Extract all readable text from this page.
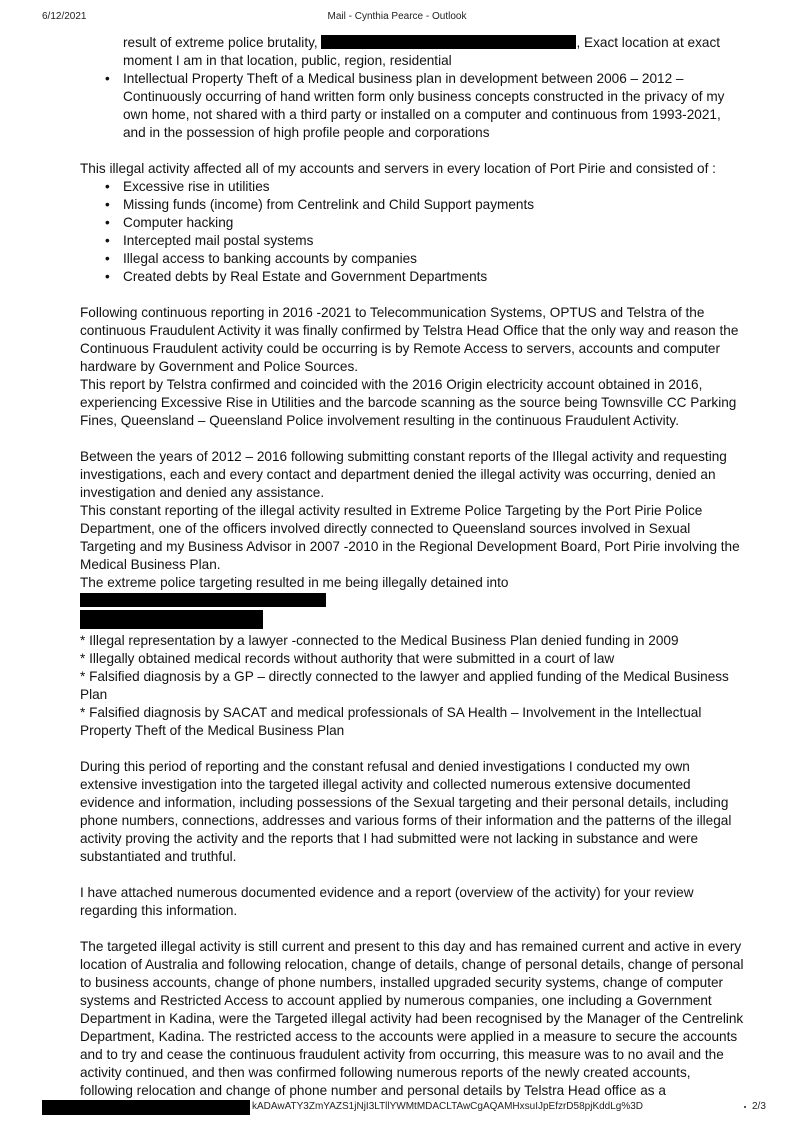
6/12/2021	Mail - Cynthia Pearce - Outlook

result of extreme police brutality,	, Exact location at exact

moment I am in that location, public, region, residential

• Intellectual Property Theft of a Medical business plan in development between 2006 – 2012 – Continuously occurring of hand written form only business concepts constructed in the privacy of my own home, not shared with a third party or installed on a computer and continuous from 1993-2021, and in the possession of high profile people and corporations

This illegal activity affected all of my accounts and servers in every location of Port Pirie and consisted of :

• Excessive rise in utilities
• Missing funds (income) from Centrelink and Child Support payments
• Computer hacking
• Intercepted mail postal systems
• Illegal access to banking accounts by companies
• Created debts by Real Estate and Government Departments

Following continuous reporting in 2016 -2021 to Telecommunication Systems, OPTUS and Telstra of the continuous Fraudulent Activity it was finally confirmed by Telstra Head Office that the only way and reason the Continuous Fraudulent activity could be occurring is by Remote Access to servers, accounts and computer hardware by Government and Police Sources.

This report by Telstra confirmed and coincided with the 2016 Origin electricity account obtained in 2016, experiencing Excessive Rise in Utilities and the barcode scanning as the source being Townsville CC Parking Fines, Queensland – Queensland Police involvement resulting in the continuous Fraudulent Activity.

Between the years of 2012 – 2016 following submitting constant reports of the Illegal activity and requesting investigations, each and every contact and department denied the illegal activity was occurring, denied an investigation and denied any assistance.

This constant reporting of the illegal activity resulted in Extreme Police Targeting by the Port Pirie Police Department, one of the officers involved directly connected to Queensland sources involved in Sexual Targeting and my Business Advisor in 2007 -2010 in the Regional Development Board, Port Pirie involving the Medical Business Plan.

The extreme police targeting resulted in me being illegally detained into

* Illegal representation by a lawyer -connected to the Medical Business Plan denied funding in 2009

* Illegally obtained medical records without authority that were submitted in a court of law

* Falsified diagnosis by a GP – directly connected to the lawyer and applied funding of the Medical Business Plan

* Falsified diagnosis by SACAT and medical professionals of SA Health – Involvement in the Intellectual Property Theft of the Medical Business Plan

During this period of reporting and the constant refusal and denied investigations I conducted my own extensive investigation into the targeted illegal activity and collected numerous extensive documented evidence and information, including possessions of the Sexual targeting and their personal details, including phone numbers, connections, addresses and various forms of their information and the patterns of the illegal activity proving the activity and the reports that I had submitted were not lacking in substance and were substantiated and truthful.

I have attached numerous documented evidence and a report (overview of the activity) for your review regarding this information.

The targeted illegal activity is still current and present to this day and has remained current and active in every location of Australia and following relocation, change of details, change of personal details, change of personal to business accounts, change of phone numbers, installed upgraded security systems, change of computer systems and Restricted Access to account applied by numerous companies, one including a Government Department in Kadina, were the Targeted illegal activity had been recognised by the Manager of the Centrelink Department, Kadina. The restricted access to the accounts were applied in a measure to secure the accounts and to try and cease the continuous fraudulent activity from occurring, this measure was to no avail and the activity continued, and then was confirmed following numerous reports of the newly created accounts, following relocation and change of phone number and personal details by Telstra Head office as a

kADAwATY3ZmYAZS1jNjI3LTllYWMtMDACLTAwCgAQAMHxsuIJpEfzrD58pjKddLg%3D	2/3
